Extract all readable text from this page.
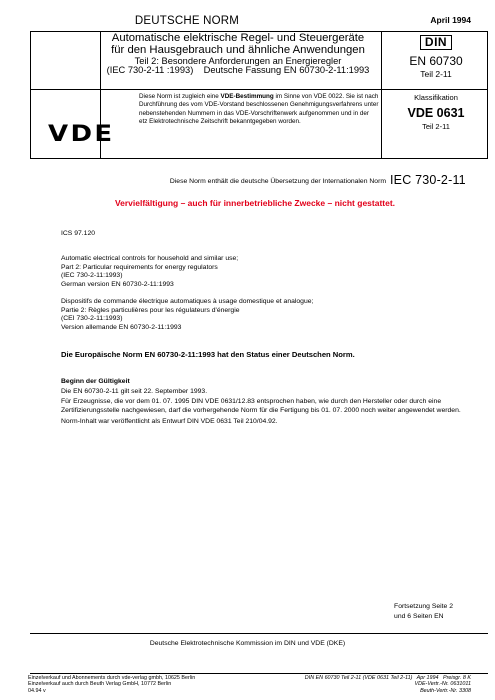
DEUTSCHE NORM	April 1994
Automatische elektrische Regel- und Steuergeräte
für den Hausgebrauch und ähnliche Anwendungen
Teil 2: Besondere Anforderungen an Energieregler
(IEC 730-2-11 :1993)    Deutsche Fassung EN 60730-2-11:1993
DIN
EN 60730
Teil 2-11
VDE
Diese Norm ist zugleich eine VDE-Bestimmung im Sinne von VDE 0022. Sie ist nach Durchführung des vom VDE-Vorstand beschlossenen Genehmigungsverfahrens unter nebenstehenden Nummern in das VDE-Vorschriftenwerk aufgenommen und in der etz Elektrotechnische Zeitschrift bekanntgegeben worden.
Klassifikation
VDE 0631
Teil 2-11
Diese Norm enthält die deutsche Übersetzung der Internationalen Norm IEC 730-2-11
Vervielfältigung – auch für innerbetriebliche Zwecke – nicht gestattet.
ICS 97.120
Automatic electrical controls for household and similar use;
Part 2: Particular requirements for energy regulators
(IEC 730-2-11:1993)
German version EN 60730-2-11:1993
Dispositifs de commande électrique automatiques à usage domestique et analogue;
Partie 2: Règles particulières pour les régulateurs d'énergie
(CEI 730-2-11:1993)
Version allemande EN 60730-2-11:1993
Die Europäische Norm EN 60730-2-11:1993 hat den Status einer Deutschen Norm.
Beginn der Gültigkeit
Die EN 60730-2-11 gilt seit 22. September 1993.
Für Erzeugnisse, die vor dem 01. 07. 1995 DIN VDE 0631/12.83 entsprochen haben, wie durch den Hersteller oder durch eine Zertifizierungsstelle nachgewiesen, darf die vorhergehende Norm für die Fertigung bis 01. 07. 2000 noch weiter angewendet werden.
Norm-Inhalt war veröffentlicht als Entwurf DIN VDE 0631 Teil 210/04.92.
Fortsetzung Seite 2
und 6 Seiten EN
Deutsche Elektrotechnische Kommission im DIN und VDE (DKE)
Einzelverkauf und Abonnements durch vde-verlag gmbh, 10625 Berlin
Einzelverkauf auch durch Beuth Verlag GmbH, 10772 Berlin
04.94 v
DIN EN 60730 Teil 2-11 (VDE 0631 Teil 2-11)   Apr 1994   Preisgr. 8 K
VDE-Vertr.-Nr. 0631011
Beuth-Vertr.-Nr. 3308
